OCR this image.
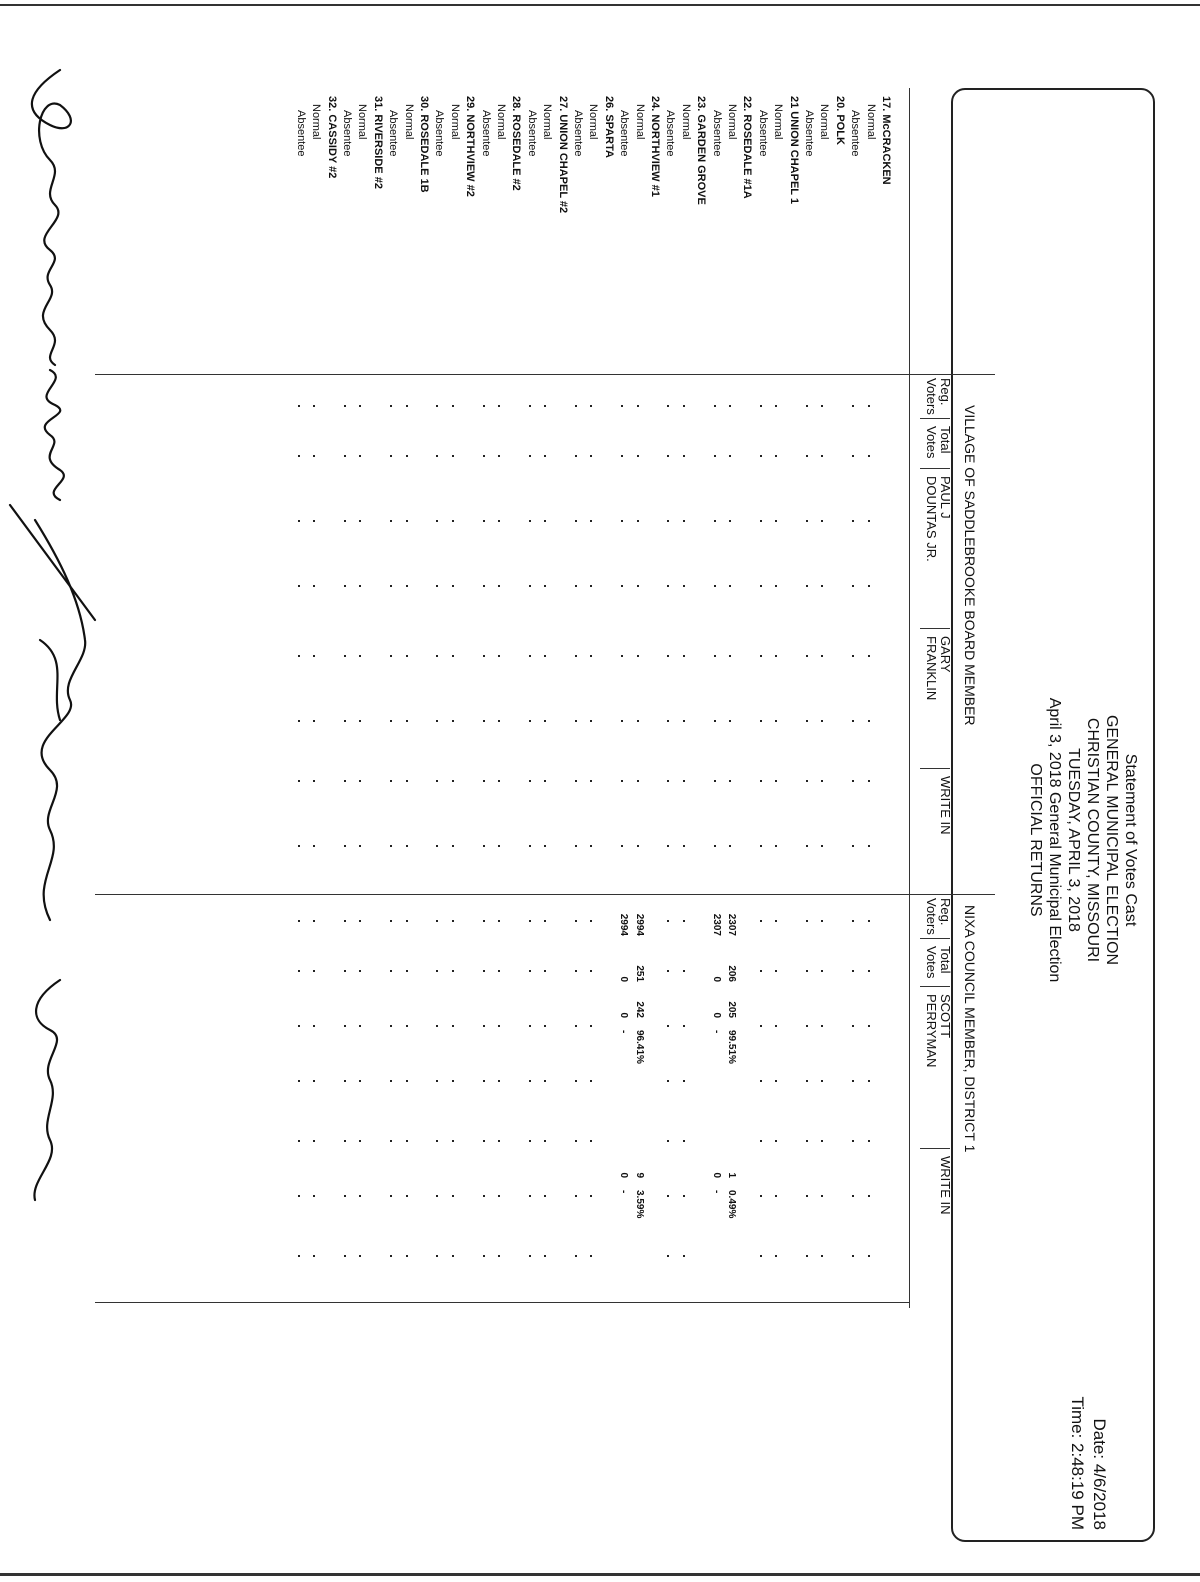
Statement of Votes Cast
GENERAL MUNICIPAL ELECTION
CHRISTIAN COUNTY, MISSOURI
TUESDAY, APRIL 3, 2018
April 3, 2018 General Municipal Election
OFFICIAL RETURNS
Date: 4/6/2018
Time: 2:48:19 PM
VILLAGE OF SADDLEBROOKE BOARD MEMBER
NIXA COUNCIL MEMBER, DISTRICT 1
Reg.
Voters
Total
Votes
PAUL J
DOUNTAS JR.
GARY
FRANKLIN
WRITE IN
Reg.
Voters
Total
Votes
SCOTT
PERRYMAN
WRITE IN
17. McCRACKEN
Normal
Absentee
20. POLK
Normal
Absentee
21 UNION CHAPEL 1
Normal
Absentee
22. ROSEDALE #1A
Normal
2307
206
205
99.51%
1
0.49%
Absentee
2307
0
0
-
0
-
23. GARDEN GROVE
Normal
Absentee
24. NORTHVIEW #1
Normal
2994
251
242
96.41%
9
3.59%
Absentee
2994
0
0
-
0
-
26. SPARTA
Normal
Absentee
27. UNION CHAPEL #2
Normal
Absentee
28. ROSEDALE #2
Normal
Absentee
29. NORTHVIEW #2
Normal
Absentee
30. ROSEDALE 1B
Normal
Absentee
31. RIVERSIDE #2
Normal
Absentee
32. CASSIDY #2
Normal
Absentee
